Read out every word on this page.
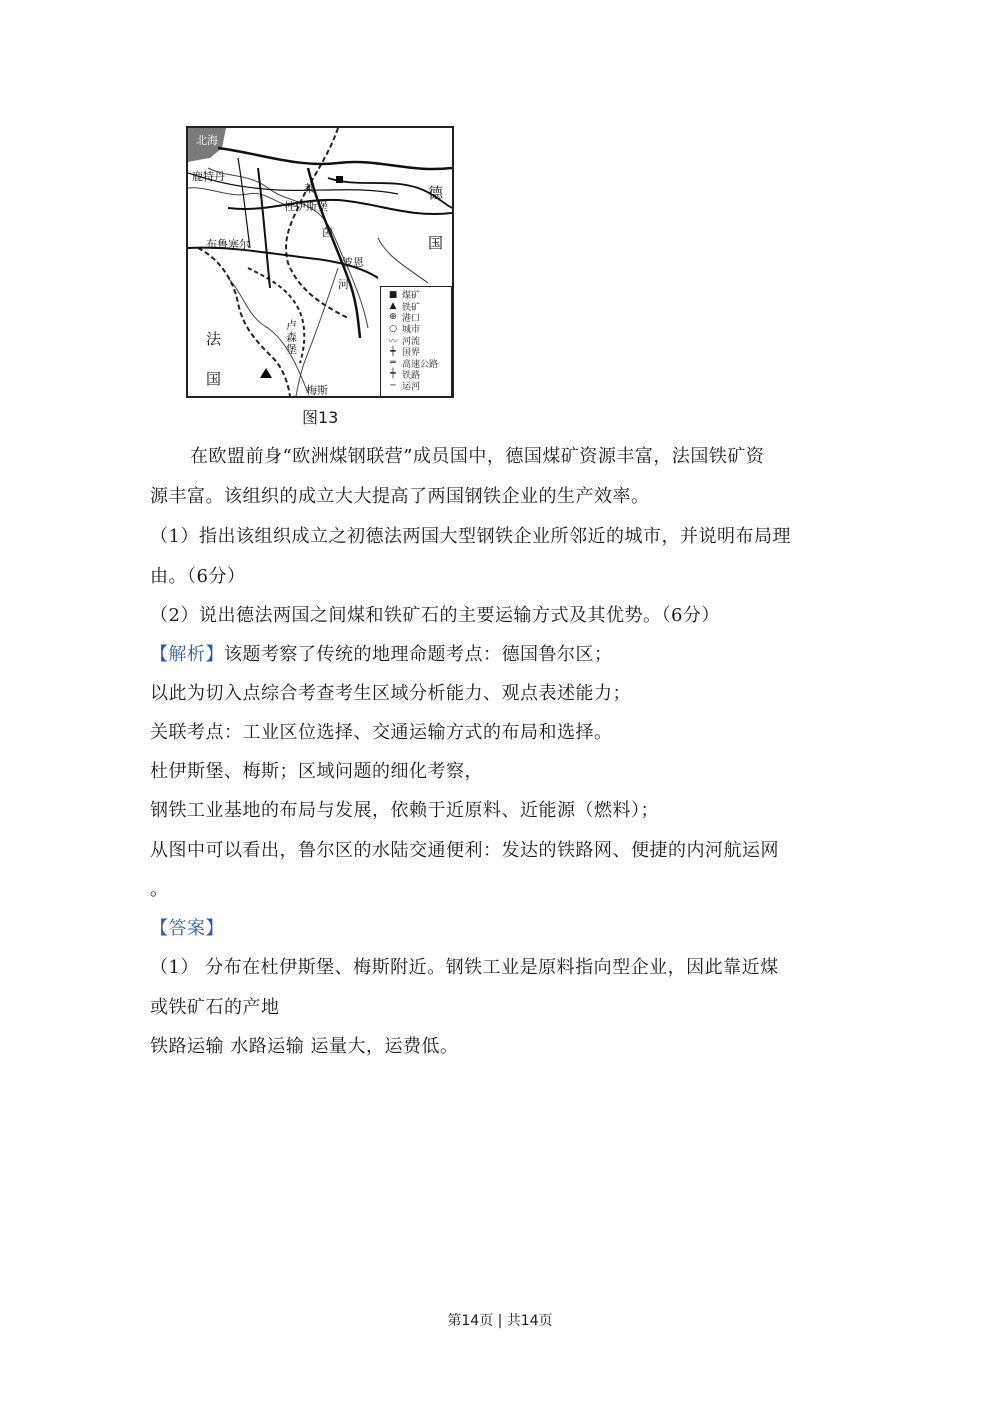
北海
鹿特丹
莱
杜伊斯堡
布鲁塞尔
德
国
茵
波恩
河
法
国
卢森堡
梅斯
■ 煤矿
▲ 铁矿
⊕ 港口
○ 城市
〰 河流
┿ 国界
═ 高速公路
┿ 铁路
─ 运河
图13
在欧盟前身“欧洲煤钢联营”成员国中，德国煤矿资源丰富，法国铁矿资
源丰富。该组织的成立大大提高了两国钢铁企业的生产效率。
（1）指出该组织成立之初德法两国大型钢铁企业所邻近的城市，并说明布局理
由。（6分）
（2）说出德法两国之间煤和铁矿石的主要运输方式及其优势。（6分）
【解析】该题考察了传统的地理命题考点：德国鲁尔区；
以此为切入点综合考查考生区域分析能力、观点表述能力；
关联考点：工业区位选择、交通运输方式的布局和选择。
杜伊斯堡、梅斯；区域问题的细化考察，
钢铁工业基地的布局与发展，依赖于近原料、近能源（燃料）；
从图中可以看出，鲁尔区的水陆交通便利：发达的铁路网、便捷的内河航运网
。
【答案】
（1） 分布在杜伊斯堡、梅斯附近。钢铁工业是原料指向型企业，因此靠近煤
或铁矿石的产地
铁路运输 水路运输 运量大，运费低。
第14页 | 共14页
